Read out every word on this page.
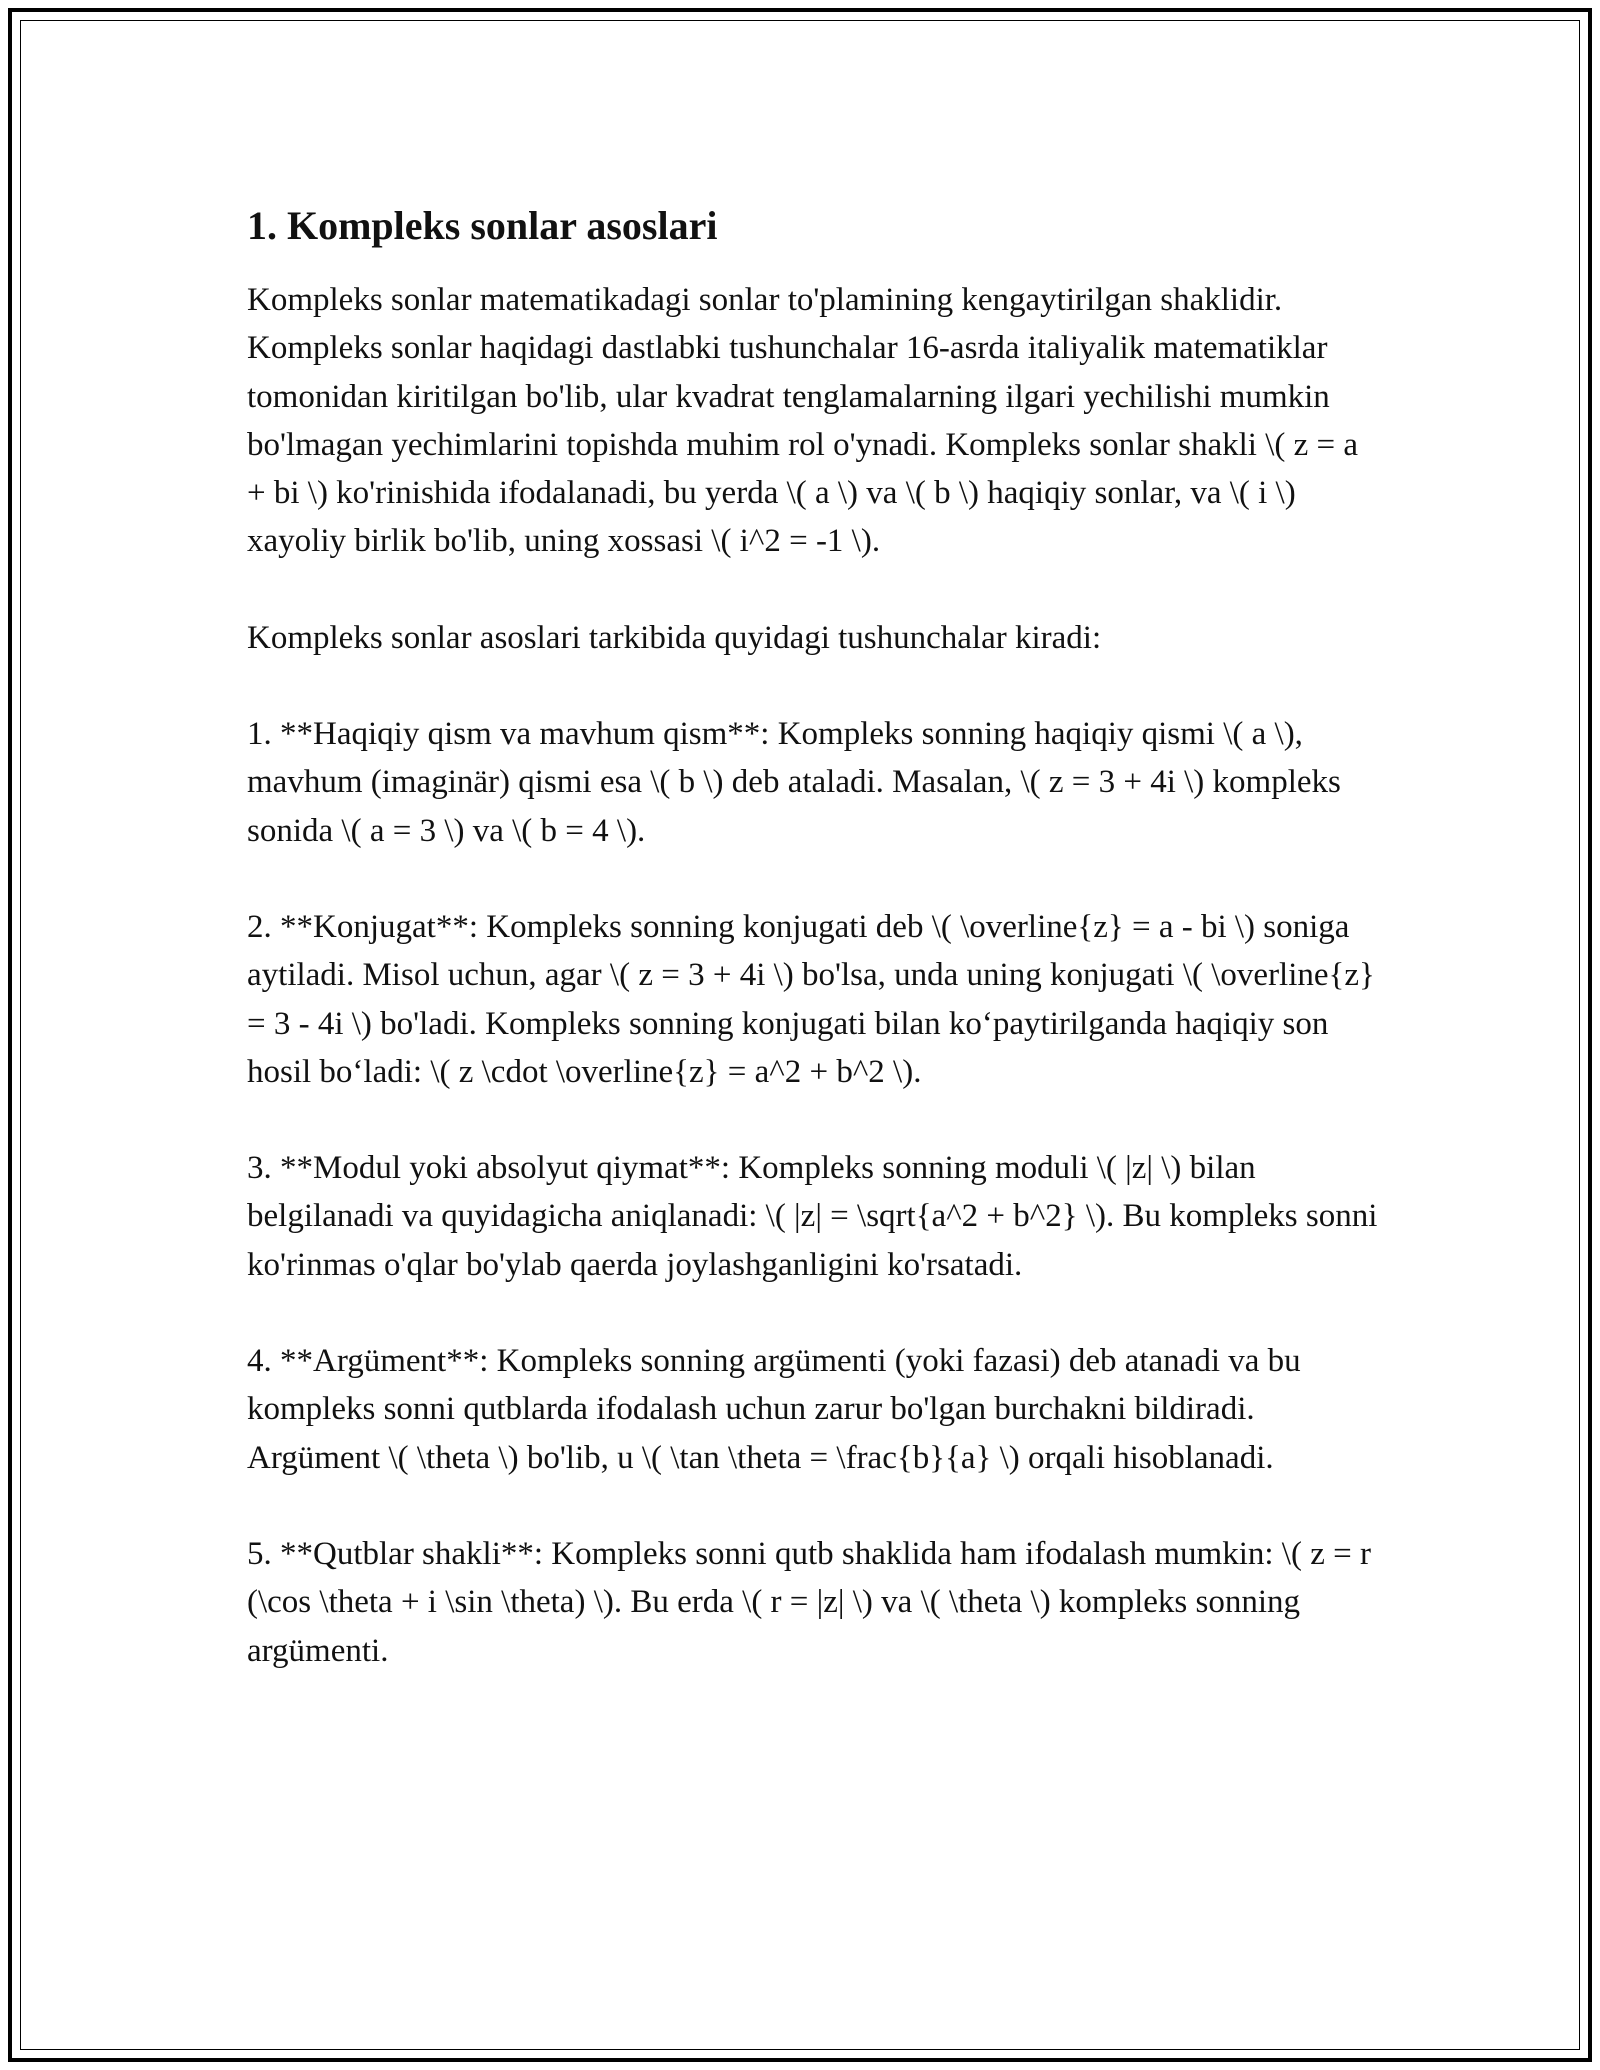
1. Kompleks sonlar asoslari

Kompleks sonlar matematikadagi sonlar to'plamining kengaytirilgan shaklidir. Kompleks sonlar haqidagi dastlabki tushunchalar 16-asrda italiyalik matematiklar tomonidan kiritilgan bo'lib, ular kvadrat tenglamalarning ilgari yechilishi mumkin bo'lmagan yechimlarini topishda muhim rol o'ynadi. Kompleks sonlar shakli \( z = a + bi \) ko'rinishida ifodalanadi, bu yerda \( a \) va \( b \) haqiqiy sonlar, va \( i \) xayoliy birlik bo'lib, uning xossasi \( i^2 = -1 \).

Kompleks sonlar asoslari tarkibida quyidagi tushunchalar kiradi:

1. **Haqiqiy qism va mavhum qism**: Kompleks sonning haqiqiy qismi \( a \), mavhum (imaginär) qismi esa \( b \) deb ataladi. Masalan, \( z = 3 + 4i \) kompleks sonida \( a = 3 \) va \( b = 4 \).

2. **Konjugat**: Kompleks sonning konjugati deb \( \overline{z} = a - bi \) soniga aytiladi. Misol uchun, agar \( z = 3 + 4i \) bo'lsa, unda uning konjugati \( \overline{z} = 3 - 4i \) bo'ladi. Kompleks sonning konjugati bilan koʻpaytirilganda haqiqiy son hosil boʻladi: \( z \cdot \overline{z} = a^2 + b^2 \).

3. **Modul yoki absolyut qiymat**: Kompleks sonning moduli \( |z| \) bilan belgilanadi va quyidagicha aniqlanadi: \( |z| = \sqrt{a^2 + b^2} \). Bu kompleks sonni ko'rinmas o'qlar bo'ylab qaerda joylashganligini ko'rsatadi.

4. **Argüment**: Kompleks sonning argümenti (yoki fazasi) deb atanadi va bu kompleks sonni qutblarda ifodalash uchun zarur bo'lgan burchakni bildiradi. Argüment \( \theta \) bo'lib, u \( \tan \theta = \frac{b}{a} \) orqali hisoblanadi.

5. **Qutblar shakli**: Kompleks sonni qutb shaklida ham ifodalash mumkin: \( z = r (\cos \theta + i \sin \theta) \). Bu erda \( r = |z| \) va \( \theta \) kompleks sonning argümenti.
